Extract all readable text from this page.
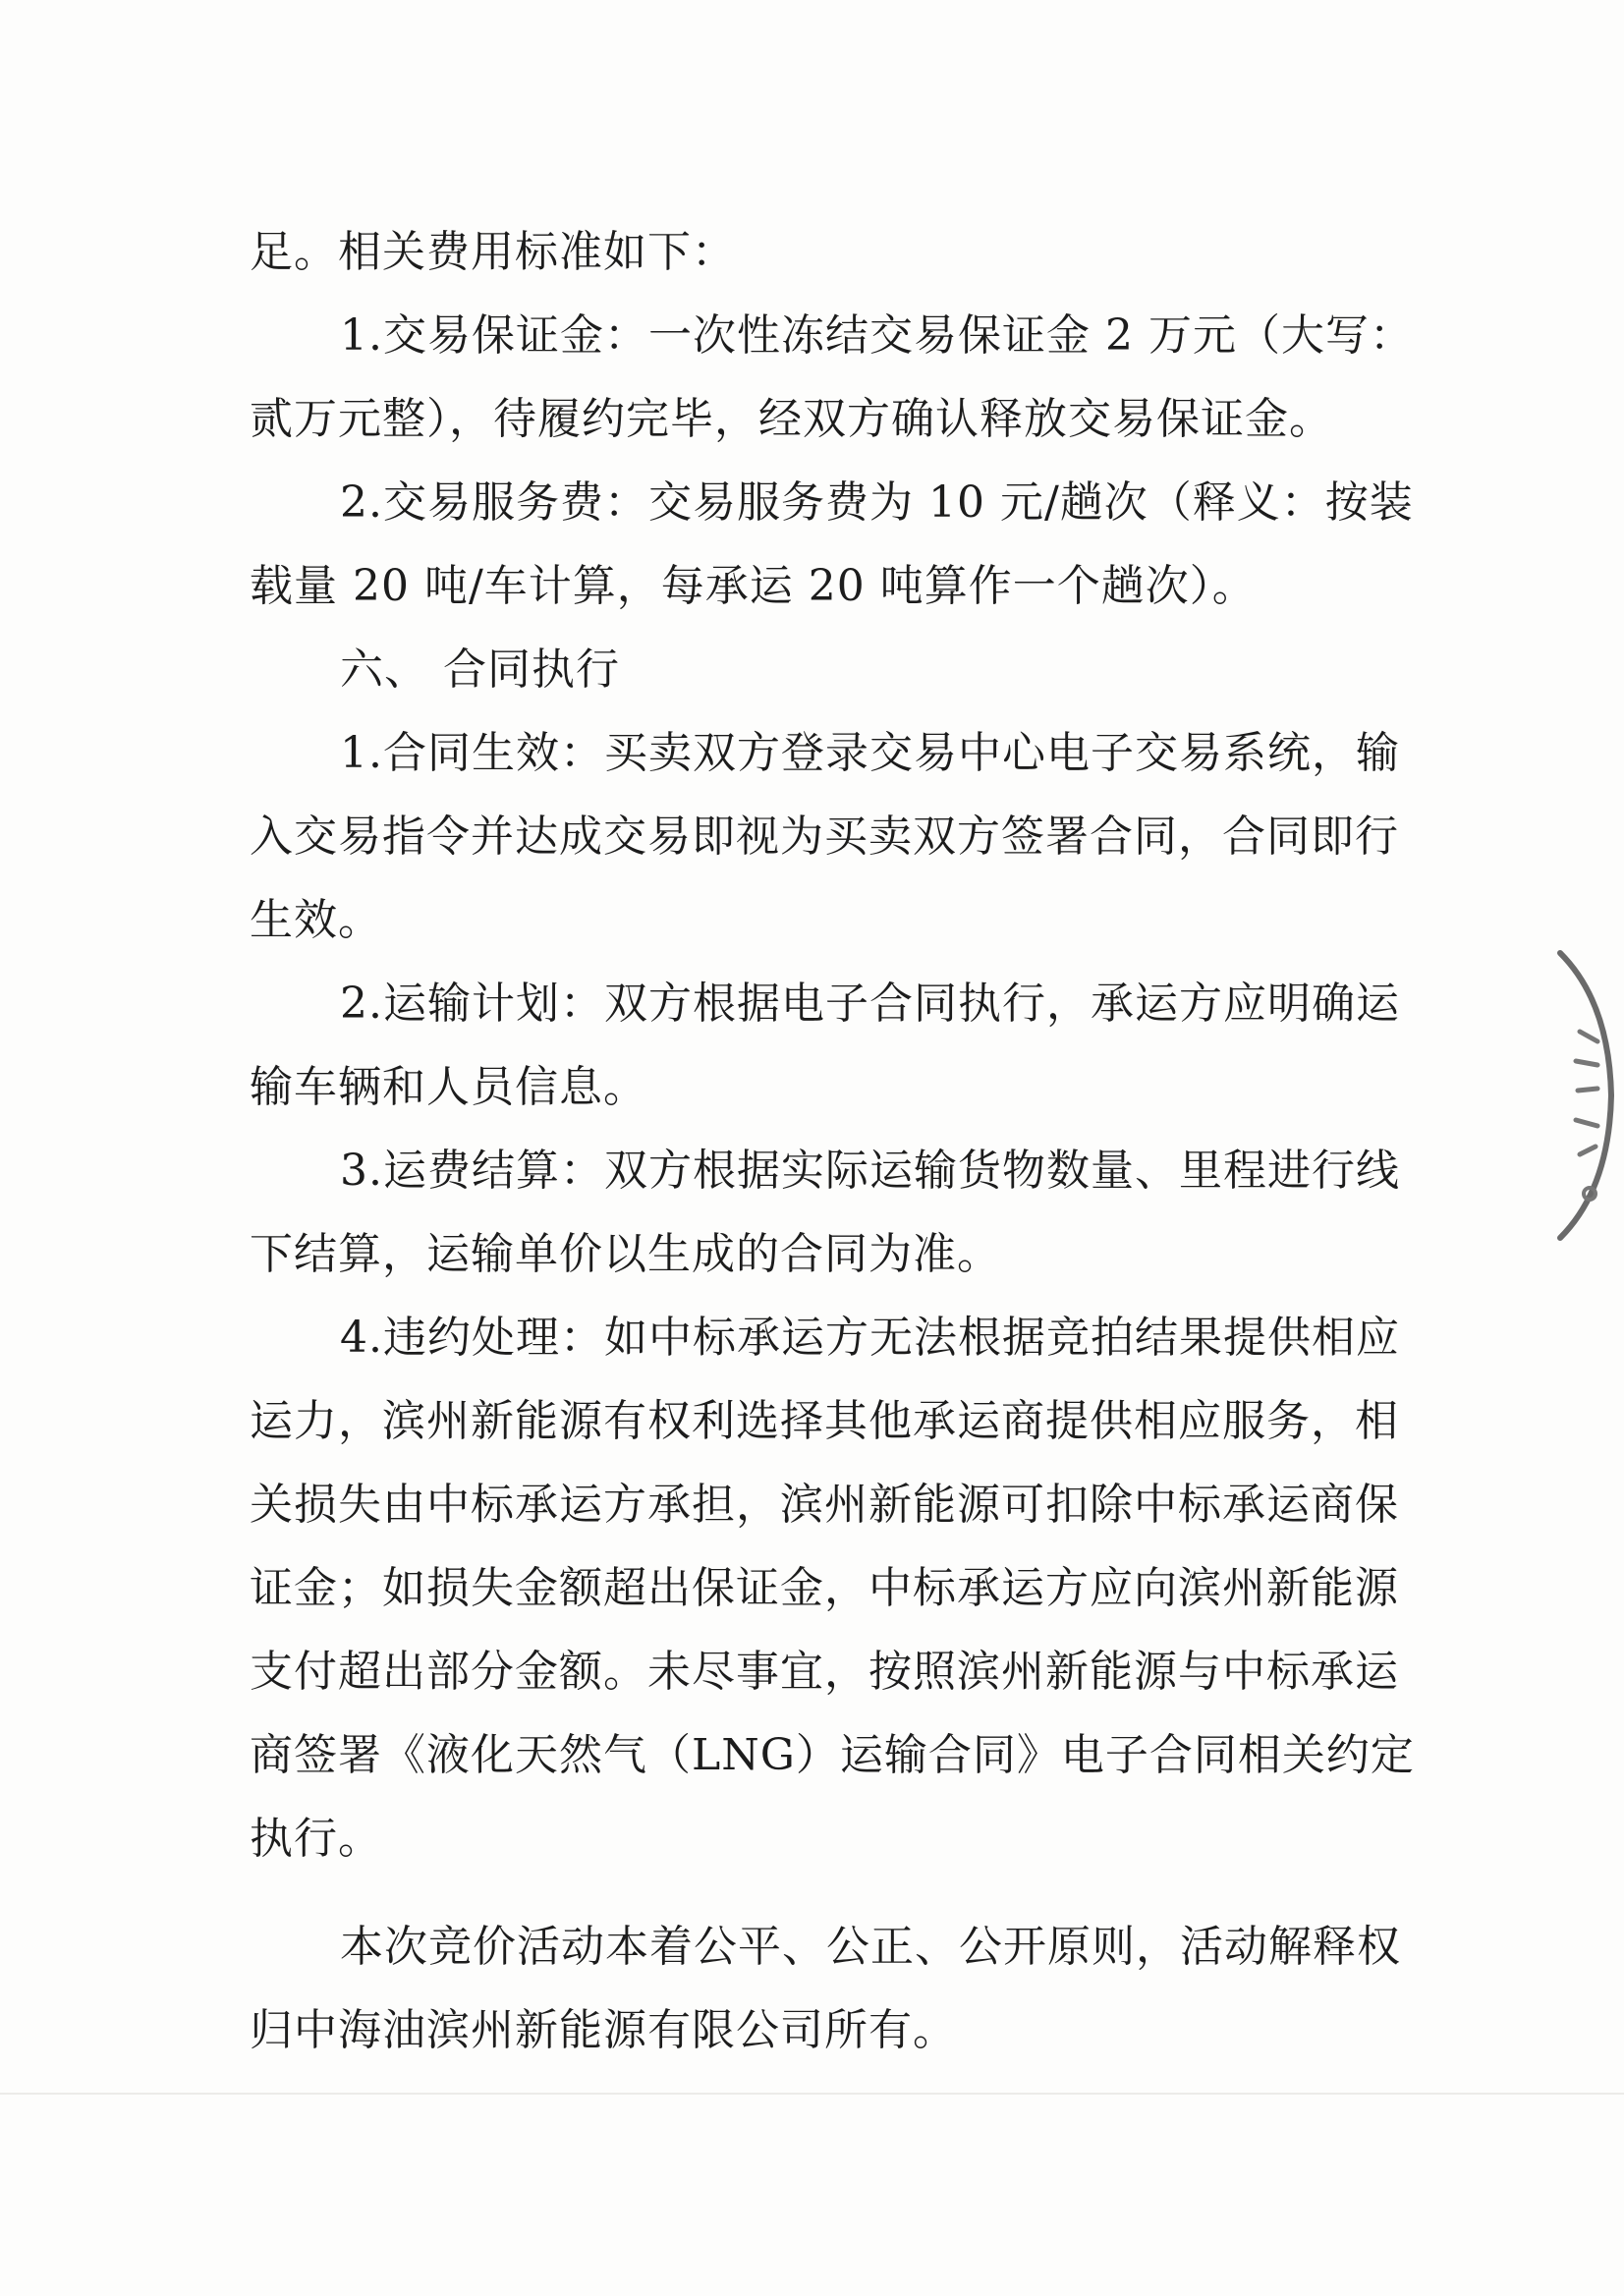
足。相关费用标准如下：
1.交易保证金：一次性冻结交易保证金 2 万元（大写：
贰万元整），待履约完毕，经双方确认释放交易保证金。
2.交易服务费：交易服务费为 10 元/趟次（释义：按装
载量 20 吨/车计算，每承运 20 吨算作一个趟次）。
六、 合同执行
1.合同生效：买卖双方登录交易中心电子交易系统，输
入交易指令并达成交易即视为买卖双方签署合同，合同即行
生效。
2.运输计划：双方根据电子合同执行，承运方应明确运
输车辆和人员信息。
3.运费结算：双方根据实际运输货物数量、里程进行线
下结算，运输单价以生成的合同为准。
4.违约处理：如中标承运方无法根据竞拍结果提供相应
运力，滨州新能源有权利选择其他承运商提供相应服务，相
关损失由中标承运方承担，滨州新能源可扣除中标承运商保
证金；如损失金额超出保证金，中标承运方应向滨州新能源
支付超出部分金额。未尽事宜，按照滨州新能源与中标承运
商签署《液化天然气（LNG）运输合同》电子合同相关约定
执行。
本次竞价活动本着公平、公正、公开原则，活动解释权
归中海油滨州新能源有限公司所有。
